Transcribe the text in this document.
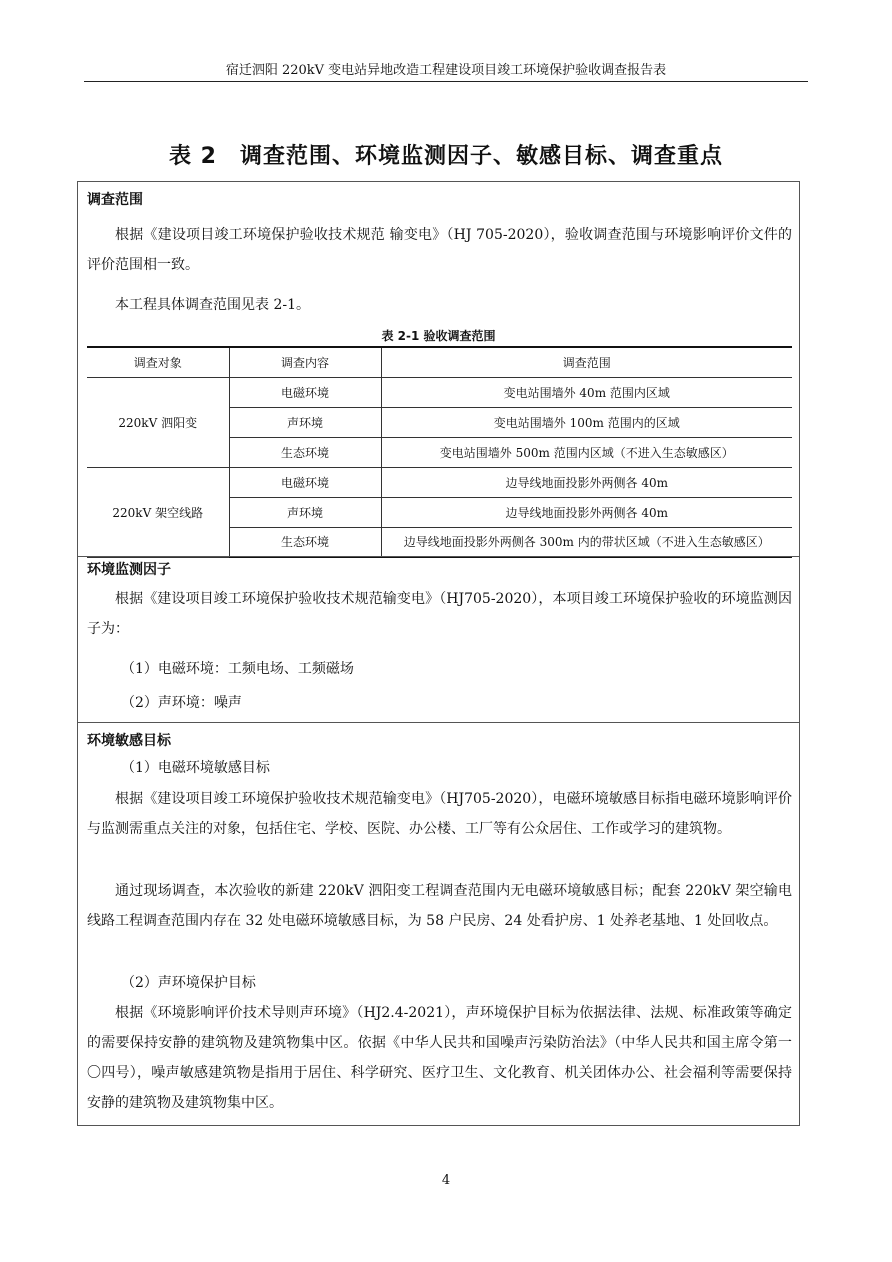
宿迁泗阳 220kV 变电站异地改造工程建设项目竣工环境保护验收调查报告表
表 2　调查范围、环境监测因子、敏感目标、调查重点
调查范围
根据《建设项目竣工环境保护验收技术规范 输变电》（HJ 705-2020），验收调查范围与环境影响评价文件的评价范围相一致。
本工程具体调查范围见表 2-1。
表 2-1 验收调查范围
调查对象	调查内容	调查范围
220kV 泗阳变	电磁环境	变电站围墙外 40m 范围内区域
	声环境	变电站围墙外 100m 范围内的区域
	生态环境	变电站围墙外 500m 范围内区域（不进入生态敏感区）
220kV 架空线路	电磁环境	边导线地面投影外两侧各 40m
	声环境	边导线地面投影外两侧各 40m
	生态环境	边导线地面投影外两侧各 300m 内的带状区域（不进入生态敏感区）
环境监测因子
根据《建设项目竣工环境保护验收技术规范输变电》（HJ705-2020），本项目竣工环境保护验收的环境监测因子为：
（1）电磁环境：工频电场、工频磁场
（2）声环境：噪声
环境敏感目标
（1）电磁环境敏感目标
根据《建设项目竣工环境保护验收技术规范输变电》（HJ705-2020），电磁环境敏感目标指电磁环境影响评价与监测需重点关注的对象，包括住宅、学校、医院、办公楼、工厂等有公众居住、工作或学习的建筑物。
通过现场调查，本次验收的新建 220kV 泗阳变工程调查范围内无电磁环境敏感目标；配套 220kV 架空输电线路工程调查范围内存在 32 处电磁环境敏感目标，为 58 户民房、24 处看护房、1 处养老基地、1 处回收点。
（2）声环境保护目标
根据《环境影响评价技术导则声环境》（HJ2.4-2021），声环境保护目标为依据法律、法规、标准政策等确定的需要保持安静的建筑物及建筑物集中区。依据《中华人民共和国噪声污染防治法》（中华人民共和国主席令第一〇四号），噪声敏感建筑物是指用于居住、科学研究、医疗卫生、文化教育、机关团体办公、社会福利等需要保持安静的建筑物及建筑物集中区。
4
